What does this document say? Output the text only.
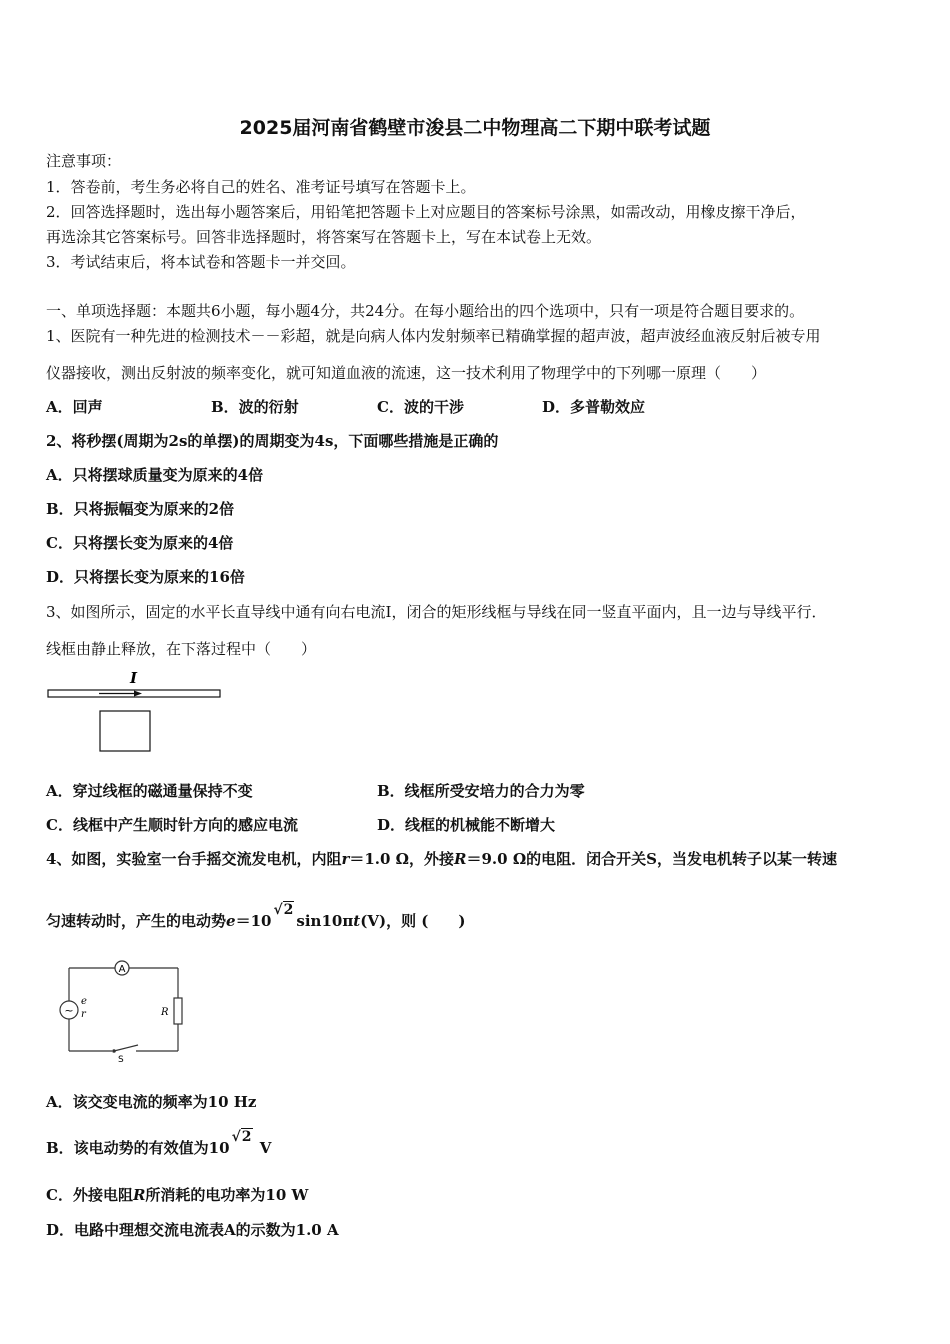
2025届河南省鹤壁市浚县二中物理高二下期中联考试题
注意事项：
1．答卷前，考生务必将自己的姓名、准考证号填写在答题卡上。
2．回答选择题时，选出每小题答案后，用铅笔把答题卡上对应题目的答案标号涂黑，如需改动，用橡皮擦干净后，
再选涂其它答案标号。回答非选择题时，将答案写在答题卡上，写在本试卷上无效。
3．考试结束后，将本试卷和答题卡一并交回。
一、单项选择题：本题共6小题，每小题4分，共24分。在每小题给出的四个选项中，只有一项是符合题目要求的。
1、医院有一种先进的检测技术－－彩超，就是向病人体内发射频率已精确掌握的超声波，超声波经血液反射后被专用
仪器接收，测出反射波的频率变化，就可知道血液的流速，这一技术利用了物理学中的下列哪一原理（　　）
A．回声	B．波的衍射	C．波的干涉	D．多普勒效应
2、将秒摆(周期为2s的单摆)的周期变为4s，下面哪些措施是正确的
A．只将摆球质量变为原来的4倍
B．只将振幅变为原来的2倍
C．只将摆长变为原来的4倍
D．只将摆长变为原来的16倍
3、如图所示，固定的水平长直导线中通有向右电流I，闭合的矩形线框与导线在同一竖直平面内，且一边与导线平行．
线框由静止释放，在下落过程中（　　）
I
A．穿过线框的磁通量保持不变	B．线框所受安培力的合力为零
C．线框中产生顺时针方向的感应电流	D．线框的机械能不断增大
4、如图，实验室一台手摇交流发电机，内阻r＝1.0 Ω，外接R＝9.0 Ω的电阻．闭合开关S，当发电机转子以某一转速
匀速转动时，产生的电动势e＝10√2sin10πt(V)，则 (　　)
A
~
e
r	R
S
A．该交变电流的频率为10 Hz
B．该电动势的有效值为10√2 V
C．外接电阻R所消耗的电功率为10 W
D．电路中理想交流电流表A的示数为1.0 A
